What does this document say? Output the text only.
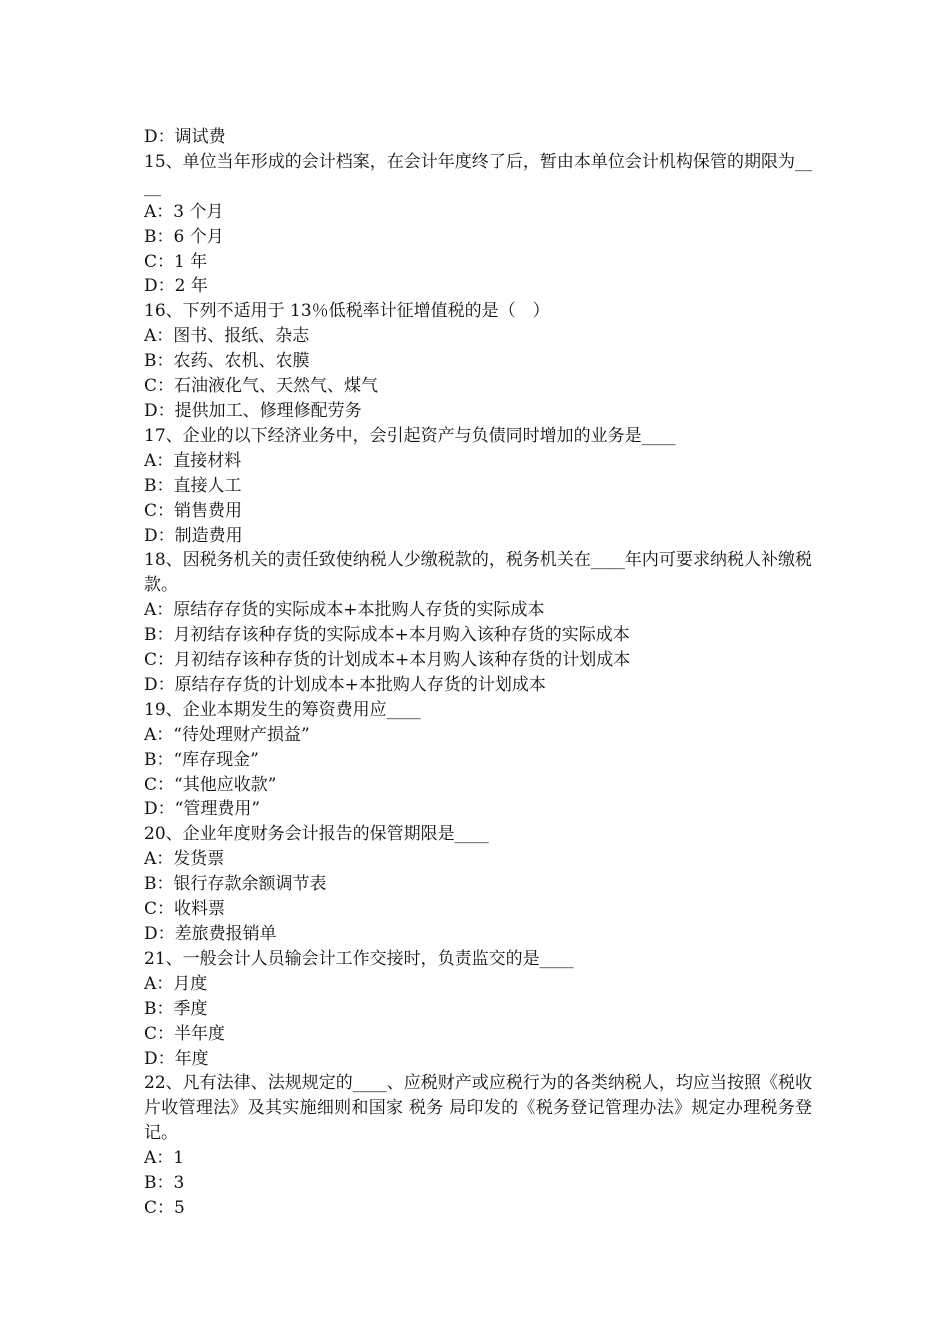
D：调试费

15、单位当年形成的会计档案，在会计年度终了后，暂由本单位会计机构保管的期限为____

A：3 个月

B：6 个月

C：1 年

D：2 年

16、下列不适用于 13％低税率计征增值税的是（　）

A：图书、报纸、杂志

B：农药、农机、农膜

C：石油液化气、天然气、煤气

D：提供加工、修理修配劳务

17、企业的以下经济业务中，会引起资产与负债同时增加的业务是____

A：直接材料

B：直接人工

C：销售费用

D：制造费用

18、因税务机关的责任致使纳税人少缴税款的，税务机关在____年内可要求纳税人补缴税款。

A：原结存存货的实际成本+本批购人存货的实际成本

B：月初结存该种存货的实际成本+本月购入该种存货的实际成本

C：月初结存该种存货的计划成本+本月购人该种存货的计划成本

D：原结存存货的计划成本+本批购人存货的计划成本

19、企业本期发生的筹资费用应____

A：“待处理财产损益”

B：“库存现金”

C：“其他应收款”

D：“管理费用”

20、企业年度财务会计报告的保管期限是____

A：发货票

B：银行存款余额调节表

C：收料票

D：差旅费报销单

21、一般会计人员输会计工作交接时，负责监交的是____

A：月度

B：季度

C：半年度

D：年度

22、凡有法律、法规规定的____、应税财产或应税行为的各类纳税人，均应当按照《税收片收管理法》及其实施细则和国家 税务 局印发的《税务登记管理办法》规定办理税务登记。

A：1

B：3

C：5
